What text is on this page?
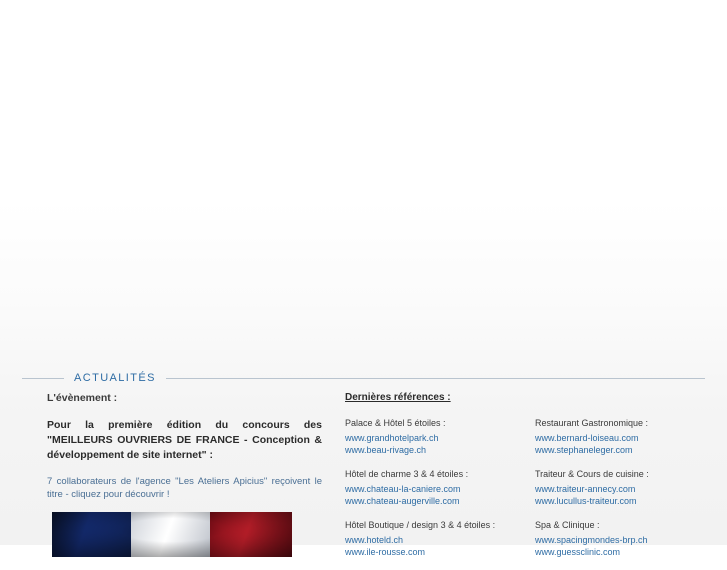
ACTUALITÉS

L'évènement :

Pour la première édition du concours des "MEILLEURS OUVRIERS DE FRANCE - Conception & développement de site internet" :

7 collaborateurs de l'agence "Les Ateliers Apicius" reçoivent le titre - cliquez pour découvrir !

Dernières références :

Palace & Hôtel 5 étoiles :

www.grandhotelpark.ch
www.beau-rivage.ch

Hôtel de charme 3 & 4 étoiles :

www.chateau-la-caniere.com
www.chateau-augerville.com

Hôtel Boutique / design 3 & 4 étoiles :

www.hoteld.ch
www.ile-rousse.com

Restaurant Gastronomique :

www.bernard-loiseau.com
www.stephaneleger.com

Traiteur & Cours de cuisine :

www.traiteur-annecy.com
www.lucullus-traiteur.com

Spa & Clinique :

www.spacingmondes-brp.ch
www.guessclinic.com
